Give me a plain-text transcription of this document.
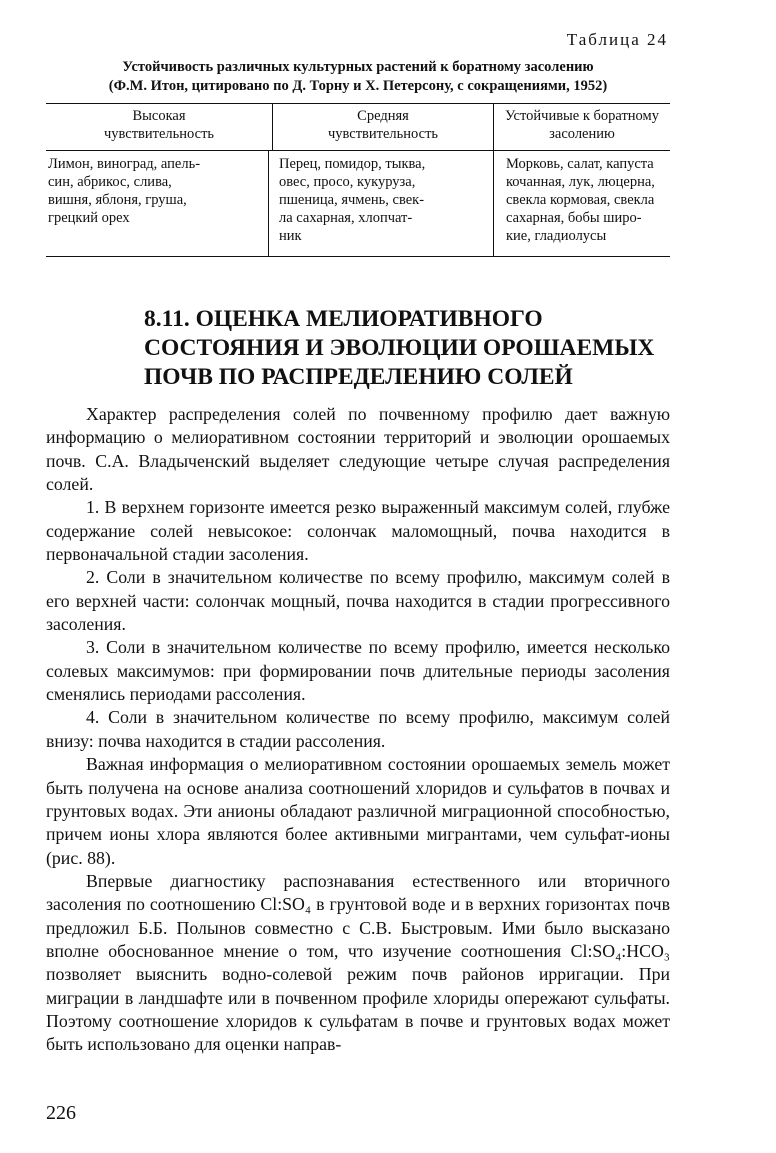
Таблица 24
Устойчивость различных культурных растений к боратному засолению
(Ф.М. Итон, цитировано по Д. Торну и Х. Петерсону, с сокращениями, 1952)
Высокая
чувствительность
Средняя
чувствительность
Устойчивые к боратному
засолению
Лимон, виноград, апель-
син, абрикос, слива,
вишня, яблоня, груша,
грецкий орех
Перец, помидор, тыква,
овес, просо, кукуруза,
пшеница, ячмень, свек-
ла сахарная, хлопчат-
ник
Морковь, салат, капуста
кочанная, лук, люцерна,
свекла кормовая, свекла
сахарная, бобы широ-
кие, гладиолусы
8.11. ОЦЕНКА МЕЛИОРАТИВНОГО
СОСТОЯНИЯ И ЭВОЛЮЦИИ ОРОШАЕМЫХ
ПОЧВ ПО РАСПРЕДЕЛЕНИЮ СОЛЕЙ

Характер распределения солей по почвенному профилю дает важную информацию о мелиоративном состоянии территорий и эволюции орошаемых почв. С.А. Владыченский выделяет следующие четыре случая распределения солей.

1. В верхнем горизонте имеется резко выраженный максимум солей, глубже содержание солей невысокое: солончак маломощный, почва находится в первоначальной стадии засоления.

2. Соли в значительном количестве по всему профилю, максимум солей в его верхней части: солончак мощный, почва находится в стадии прогрессивного засоления.

3. Соли в значительном количестве по всему профилю, имеется несколько солевых максимумов: при формировании почв длительные периоды засоления сменялись периодами рассоления.

4. Соли в значительном количестве по всему профилю, максимум солей внизу: почва находится в стадии рассоления.

Важная информация о мелиоративном состоянии орошаемых земель может быть получена на основе анализа соотношений хлоридов и сульфатов в почвах и грунтовых водах. Эти анионы обладают различной миграционной способностью, причем ионы хлора являются более активными мигрантами, чем сульфат-ионы (рис. 88).

Впервые диагностику распознавания естественного или вторичного засоления по соотношению Cl:SO₄ в грунтовой воде и в верхних горизонтах почв предложил Б.Б. Полынов совместно с С.В. Быстровым. Ими было высказано вполне обоснованное мнение о том, что изучение соотношения Cl:SO₄:HCO₃ позволяет выяснить водно-солевой режим почв районов ирригации. При миграции в ландшафте или в почвенном профиле хлориды опережают сульфаты. Поэтому соотношение хлоридов к сульфатам в почве и грунтовых водах может быть использовано для оценки направ-

226
